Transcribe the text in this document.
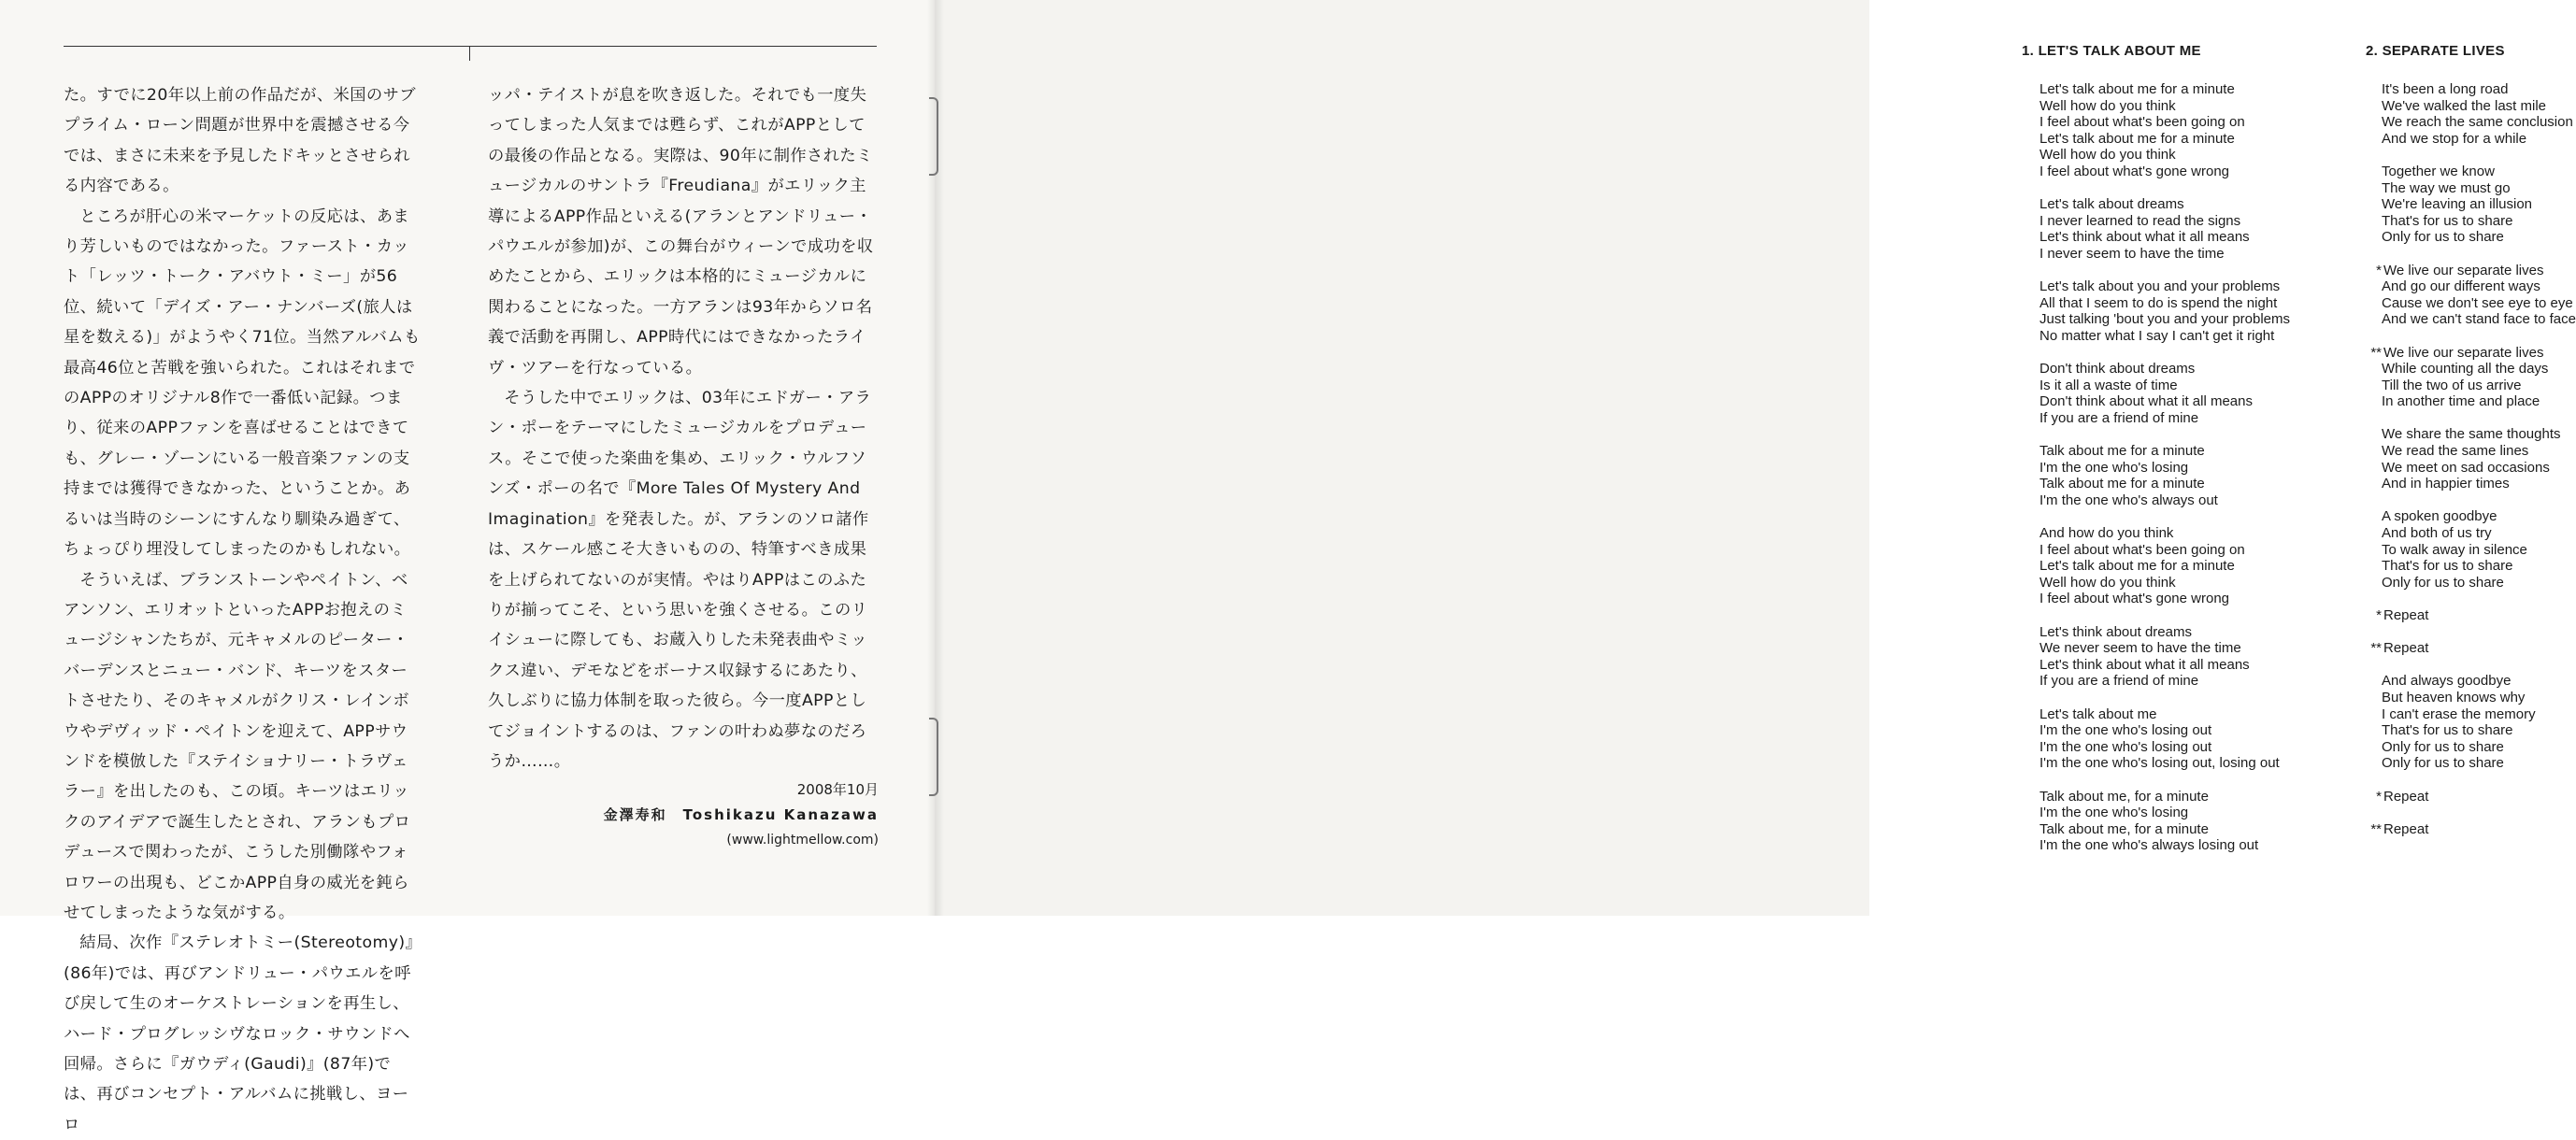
た。すでに20年以上前の作品だが、米国のサブプライム・ローン問題が世界中を震撼させる今では、まさに未来を予見したドキッとさせられる内容である。

ところが肝心の米マーケットの反応は、あまり芳しいものではなかった。ファースト・カット「レッツ・トーク・アバウト・ミー」が56位、続いて「デイズ・アー・ナンバーズ(旅人は星を数える)」がようやく71位。当然アルバムも最高46位と苦戦を強いられた。これはそれまでのAPPのオリジナル8作で一番低い記録。つまり、従来のAPPファンを喜ばせることはできても、グレー・ゾーンにいる一般音楽ファンの支持までは獲得できなかった、ということか。あるいは当時のシーンにすんなり馴染み過ぎて、ちょっぴり埋没してしまったのかもしれない。

そういえば、ブランストーンやペイトン、ベアンソン、エリオットといったAPPお抱えのミュージシャンたちが、元キャメルのピーター・バーデンスとニュー・バンド、キーツをスタートさせたり、そのキャメルがクリス・レインボウやデヴィッド・ペイトンを迎えて、APPサウンドを模倣した『ステイショナリー・トラヴェラー』を出したのも、この頃。キーツはエリックのアイデアで誕生したとされ、アランもプロデュースで関わったが、こうした別働隊やフォロワーの出現も、どこかAPP自身の威光を鈍らせてしまったような気がする。

結局、次作『ステレオトミー(Stereotomy)』(86年)では、再びアンドリュー・パウエルを呼び戻して生のオーケストレーションを再生し、ハード・プログレッシヴなロック・サウンドへ回帰。さらに『ガウディ(Gaudi)』(87年)では、再びコンセプト・アルバムに挑戦し、ヨーロ

ッパ・テイストが息を吹き返した。それでも一度失ってしまった人気までは甦らず、これがAPPとしての最後の作品となる。実際は、90年に制作されたミュージカルのサントラ『Freudiana』がエリック主導によるAPP作品といえる(アランとアンドリュー・パウエルが参加)が、この舞台がウィーンで成功を収めたことから、エリックは本格的にミュージカルに関わることになった。一方アランは93年からソロ名義で活動を再開し、APP時代にはできなかったライヴ・ツアーを行なっている。

そうした中でエリックは、03年にエドガー・アラン・ポーをテーマにしたミュージカルをプロデュース。そこで使った楽曲を集め、エリック・ウルフソンズ・ポーの名で『More Tales Of Mystery And Imagination』を発表した。が、アランのソロ諸作は、スケール感こそ大きいものの、特筆すべき成果を上げられてないのが実情。やはりAPPはこのふたりが揃ってこそ、という思いを強くさせる。このリイシューに際しても、お蔵入りした未発表曲やミックス違い、デモなどをボーナス収録するにあたり、久しぶりに協力体制を取った彼ら。今一度APPとしてジョイントするのは、ファンの叶わぬ夢なのだろうか……。

2008年10月
金澤寿和　Toshikazu Kanazawa
(www.lightmellow.com)
1. LET'S TALK ABOUT ME
Let's talk about me for a minute
Well how do you think
I feel about what's been going on
Let's talk about me for a minute
Well how do you think
I feel about what's gone wrong
Let's talk about dreams
I never learned to read the signs
Let's think about what it all means
I never seem to have the time
Let's talk about you and your problems
All that I seem to do is spend the night
Just talking 'bout you and your problems
No matter what I say I can't get it right
Don't think about dreams
Is it all a waste of time
Don't think about what it all means
If you are a friend of mine
Talk about me for a minute
I'm the one who's losing
Talk about me for a minute
I'm the one who's always out
And how do you think
I feel about what's been going on
Let's talk about me for a minute
Well how do you think
I feel about what's gone wrong
Let's think about dreams
We never seem to have the time
Let's think about what it all means
If you are a friend of mine
Let's talk about me
I'm the one who's losing out
I'm the one who's losing out
I'm the one who's losing out, losing out
Talk about me, for a minute
I'm the one who's losing
Talk about me, for a minute
I'm the one who's always losing out
2. SEPARATE LIVES
It's been a long road
We've walked the last mile
We reach the same conclusion
And we stop for a while
Together we know
The way we must go
We're leaving an illusion
That's for us to share
Only for us to share
* We live our separate lives
And go our different ways
Cause we don't see eye to eye
And we can't stand face to face
** We live our separate lives
While counting all the days
Till the two of us arrive
In another time and place
We share the same thoughts
We read the same lines
We meet on sad occasions
And in happier times
A spoken goodbye
And both of us try
To walk away in silence
That's for us to share
Only for us to share
* Repeat
** Repeat
And always goodbye
But heaven knows why
I can't erase the memory
That's for us to share
Only for us to share
Only for us to share
* Repeat
** Repeat
